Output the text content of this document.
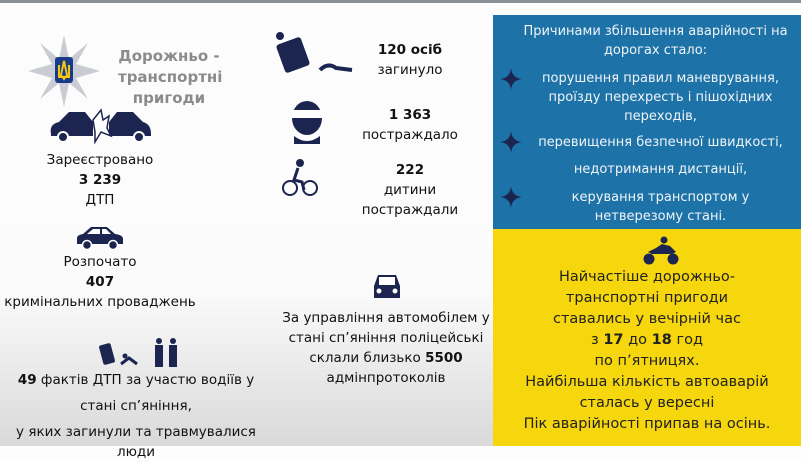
Дорожньо - транспортні пригоди
Зареєстровано
3 239
ДТП
Розпочато
407
кримінальних проваджень
49 фактів ДТП за участю водіїв у
стані сп’яніння,
у яких загинули та травмувалися люди
120 осіб
загинуло
1 363
постраждало
222
дитини
постраждали
За управління автомобілем у
стані сп’яніння поліцейські
склали близько 5500
адмінпротоколів
Причинами збільшення аварійності на
дорогах стало:
порушення правил маневрування,
проїзду перехресть і пішохідних
переходів,
перевищення безпечної швидкості,
недотримання дистанції,
керування транспортом у
нетверезому стані.
Найчастіше дорожньо-
транспортні пригоди
ставались у вечірній час
з 17 до 18 год
по п’ятницях.
Найбільша кількість автоаварій
сталась у вересні
Пік аварійності припав на осінь.
